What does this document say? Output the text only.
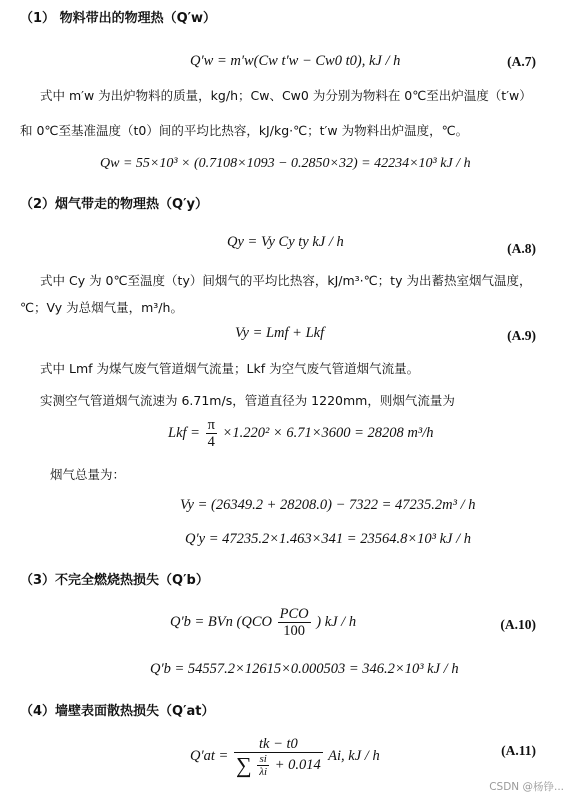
（1） 物料带出的物理热（Q′w）
Q′w = m′w(Cw t′w − Cw0 t0), kJ / h	(A.7)
式中 m′w 为出炉物料的质量，kg/h；Cw、Cw0 为分别为物料在 0℃至出炉温度（t′w）
和 0℃至基准温度（t0）间的平均比热容，kJ/kg·℃；t′w 为物料出炉温度，℃。
Qw = 55×10³ × (0.7108×1093 − 0.2850×32) = 42234×10³ kJ / h
（2）烟气带走的物理热（Q′y）
Qy = Vy Cy ty kJ / h	(A.8)
式中 Cy 为 0℃至温度（ty）间烟气的平均比热容，kJ/m³·℃；ty 为出蓄热室烟气温度，
℃；Vy 为总烟气量，m³/h。
Vy = Lmf + Lkf	(A.9)
式中 Lmf 为煤气废气管道烟气流量；Lkf 为空气废气管道烟气流量。
实测空气管道烟气流速为 6.71m/s，管道直径为 1220mm，则烟气流量为
Lkf = $\frac{\pi}{4} \times 1.220^2 \times 6.71\times 3600 = 28208$ m³/h
烟气总量为：
Vy = (26349.2 + 28208.0) − 7322 = 47235.2m³ / h
Q′y = 47235.2×1.463×341 = 23564.8×10³ kJ / h
（3）不完全燃烧热损失（Q′b）
Q′b = BVn ($QCO \frac{\text{PCO}}{100}$ ) kJ / h	(A.10)
Q′b = 54557.2×12615×0.000503 = 346.2×10³ kJ / h
（4）墙壁表面散热损失（Q′at）
Q′at =
tk − t0
∑ $\frac{si}{\lambda i} + 0.014$
Ai, kJ / h	(A.11)
CSDN @杨铮...
